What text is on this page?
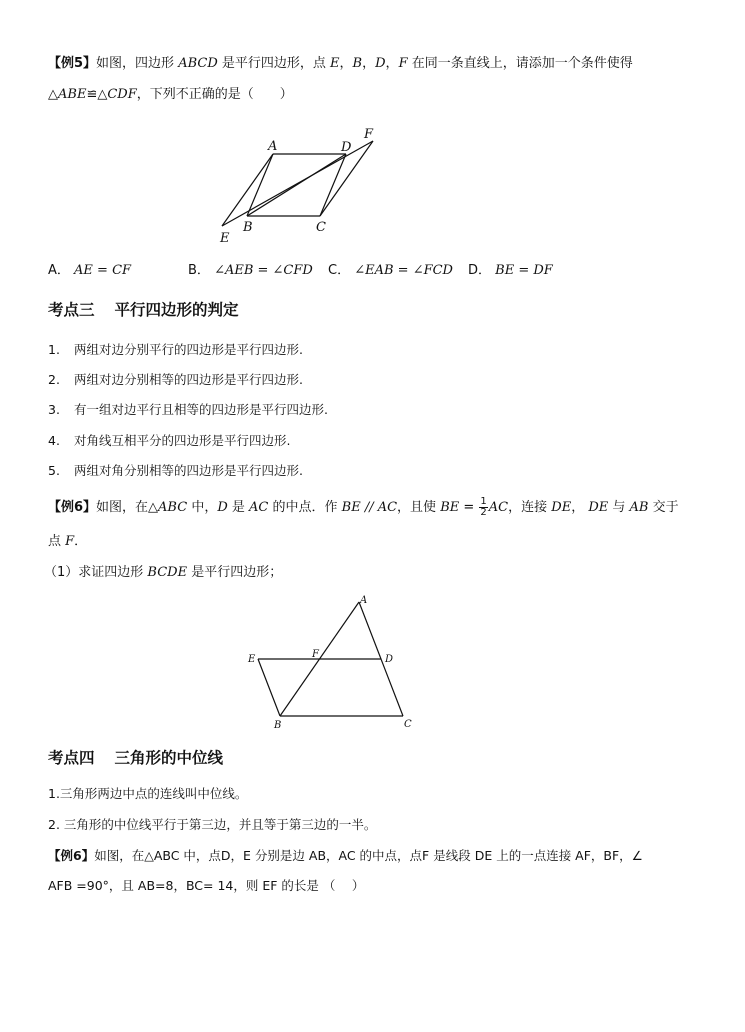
【例5】如图，四边形 ABCD 是平行四边形，点 E，B，D，F 在同一条直线上，请添加一个条件使得
△ABE≌△CDF，下列不正确的是（　　）
A	D
F
B	C
E
A． AE = CF	B． ∠AEB = ∠CFD C． ∠EAB = ∠FCD D． BE = DF
考点三 平行四边形的判定
1. 两组对边分别平行的四边形是平行四边形.
2. 两组对边分别相等的四边形是平行四边形.
3. 有一组对边平行且相等的四边形是平行四边形.
4. 对角线互相平分的四边形是平行四边形.
5. 两组对角分别相等的四边形是平行四边形.
【例6】如图，在△ABC 中，D 是 AC 的中点．作 BE // AC，且使 BE = $\frac{1}{2}$ AC，连接 DE， DE 与 AB 交于
点 F．
（1）求证四边形 BCDE 是平行四边形；
A
E	F	D
B	C
考点四 三角形的中位线
1.三角形两边中点的连线叫中位线。
2. 三角形的中位线平行于第三边，并且等于第三边的一半。
【例6】如图，在△ABC 中，点D，E 分别是边 AB，AC 的中点，点F 是线段 DE 上的一点连接 AF，BF，∠
AFB =90°，且 AB=8，BC= 14，则 EF 的长是 （　 ）
